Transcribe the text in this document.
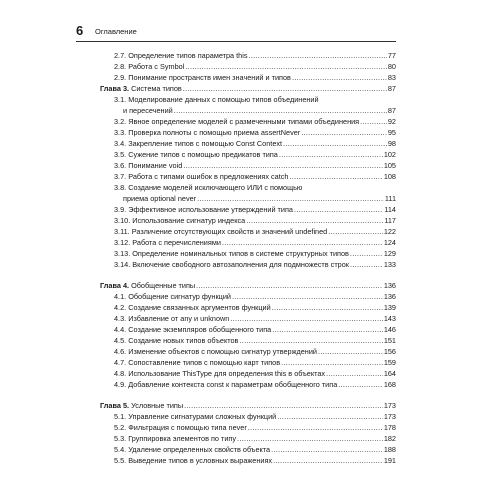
6 Оглавление
2.7. Определение типов параметра this .....	77
2.8. Работа с Symbol .....	80
2.9. Понимание пространств имен значений и типов .....	83
Глава 3. Система типов .....	87
3.1. Моделирование данных с помощью типов объединений
и пересечений .....	87
3.2. Явное определение моделей с размеченными типами объединения .....	92
3.3. Проверка полноты с помощью приема assertNever .....	95
3.4. Закрепление типов с помощью Const Context .....	98
3.5. Сужение типов с помощью предикатов типа .....	102
3.6. Понимание void .....	105
3.7. Работа с типами ошибок в предложениях catch .....	108
3.8. Создание моделей исключающего ИЛИ с помощью
приема optional never .....	111
3.9. Эффективное использование утверждений типа .....	114
3.10. Использование сигнатур индекса .....	117
3.11. Различение отсутствующих свойств и значений undefined .....	122
3.12. Работа с перечислениями .....	124
3.13. Определение номинальных типов в системе структурных типов .....	129
3.14. Включение свободного автозаполнения для подмножеств строк .....	133
Глава 4. Обобщенные типы .....	136
4.1. Обобщение сигнатур функций .....	136
4.2. Создание связанных аргументов функций .....	139
4.3. Избавление от any и unknown .....	143
4.4. Создание экземпляров обобщенного типа .....	146
4.5. Создание новых типов объектов .....	151
4.6. Изменение объектов с помощью сигнатур утверждений .....	156
4.7. Сопоставление типов с помощью карт типов .....	159
4.8. Использование ThisType для определения this в объектах .....	164
4.9. Добавление контекста const к параметрам обобщенного типа .....	168
Глава 5. Условные типы .....	173
5.1. Управление сигнатурами сложных функций .....	173
5.2. Фильтрация с помощью типа never .....	178
5.3. Группировка элементов по типу .....	182
5.4. Удаление определенных свойств объекта .....	188
5.5. Выведение типов в условных выражениях .....	191
